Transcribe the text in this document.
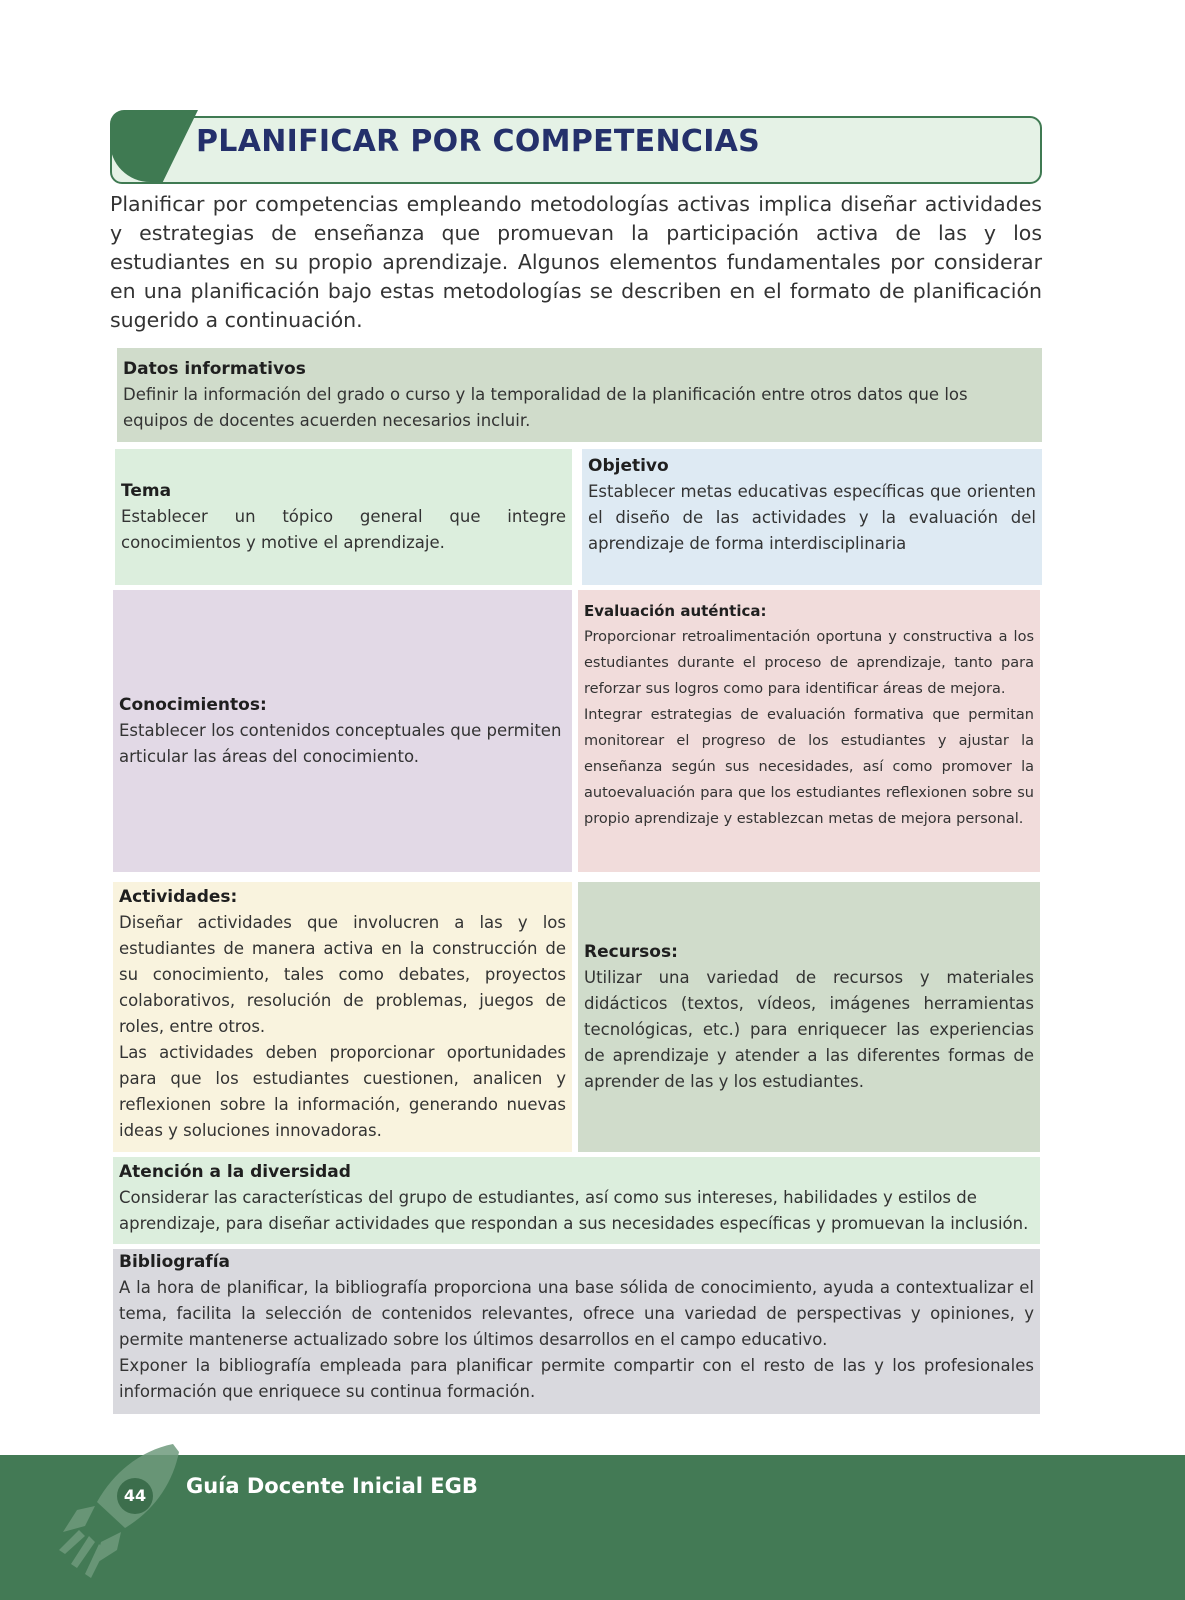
PLANIFICAR POR COMPETENCIAS

Planificar por competencias empleando metodologías activas implica diseñar actividades y estrategias de enseñanza que promuevan la participación activa de las y los estudiantes en su propio aprendizaje. Algunos elementos fundamentales por considerar en una planificación bajo estas metodologías se describen en el formato de planificación sugerido a continuación.

Datos informativos

Definir la información del grado o curso y la temporalidad de la planificación entre otros datos que los equipos de docentes acuerden necesarios incluir.

Tema

Establecer un tópico general que integre conocimientos y motive el aprendizaje.

Objetivo

Establecer metas educativas específicas que orienten el diseño de las actividades y la evaluación del aprendizaje de forma interdisciplinaria

Conocimientos:

Establecer los contenidos conceptuales que permiten articular las áreas del conocimiento.

Evaluación auténtica:

Proporcionar retroalimentación oportuna y constructiva a los estudiantes durante el proceso de aprendizaje, tanto para reforzar sus logros como para identificar áreas de mejora.

Integrar estrategias de evaluación formativa que permitan monitorear el progreso de los estudiantes y ajustar la enseñanza según sus necesidades, así como promover la autoevaluación para que los estudiantes reflexionen sobre su propio aprendizaje y establezcan metas de mejora personal.

Actividades:

Diseñar actividades que involucren a las y los estudiantes de manera activa en la construcción de su conocimiento, tales como debates, proyectos colaborativos, resolución de problemas, juegos de roles, entre otros.

Las actividades deben proporcionar oportunidades para que los estudiantes cuestionen, analicen y reflexionen sobre la información, generando nuevas ideas y soluciones innovadoras.

Recursos:

Utilizar una variedad de recursos y materiales didácticos (textos, vídeos, imágenes herramientas tecnológicas, etc.) para enriquecer las experiencias de aprendizaje y atender a las diferentes formas de aprender de las y los estudiantes.

Atención a la diversidad

Considerar las características del grupo de estudiantes, así como sus intereses, habilidades y estilos de aprendizaje, para diseñar actividades que respondan a sus necesidades específicas y promuevan la inclusión.

Bibliografía

A la hora de planificar, la bibliografía proporciona una base sólida de conocimiento, ayuda a contextualizar el tema, facilita la selección de contenidos relevantes, ofrece una variedad de perspectivas y opiniones, y permite mantenerse actualizado sobre los últimos desarrollos en el campo educativo.

Exponer la bibliografía empleada para planificar permite compartir con el resto de las y los profesionales información que enriquece su continua formación.

44	Guía Docente Inicial EGB
